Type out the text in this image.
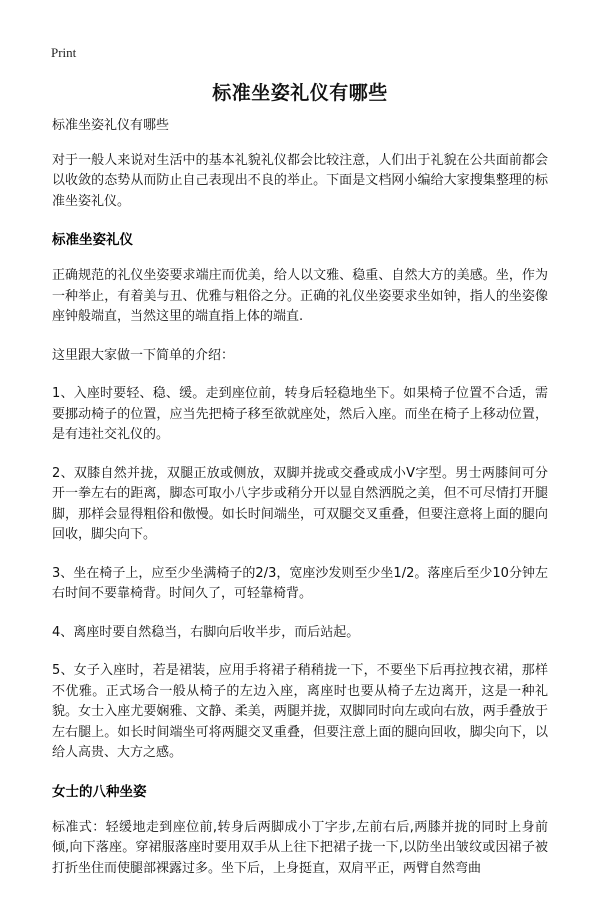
Print
标准坐姿礼仪有哪些

标准坐姿礼仪有哪些

对于一般人来说对生活中的基本礼貌礼仪都会比较注意，人们出于礼貌在公共面前都会以收敛的态势从而防止自己表现出不良的举止。下面是文档网小编给大家搜集整理的标准坐姿礼仪。

标准坐姿礼仪

正确规范的礼仪坐姿要求端庄而优美，给人以文雅、稳重、自然大方的美感。坐，作为一种举止，有着美与丑、优雅与粗俗之分。正确的礼仪坐姿要求坐如钟，指人的坐姿像座钟般端直，当然这里的端直指上体的端直.

这里跟大家做一下简单的介绍：

1、入座时要轻、稳、缓。走到座位前，转身后轻稳地坐下。如果椅子位置不合适，需要挪动椅子的位置，应当先把椅子移至欲就座处，然后入座。而坐在椅子上移动位置，是有违社交礼仪的。

2、双膝自然并拢，双腿正放或侧放，双脚并拢或交叠或成小V字型。男士两膝间可分开一拳左右的距离，脚态可取小八字步或稍分开以显自然洒脱之美，但不可尽情打开腿脚，那样会显得粗俗和傲慢。如长时间端坐，可双腿交叉重叠，但要注意将上面的腿向回收，脚尖向下。

3、坐在椅子上，应至少坐满椅子的2/3，宽座沙发则至少坐1/2。落座后至少10分钟左右时间不要靠椅背。时间久了，可轻靠椅背。

4、离座时要自然稳当，右脚向后收半步，而后站起。

5、女子入座时，若是裙装，应用手将裙子稍稍拢一下，不要坐下后再拉拽衣裙，那样不优雅。正式场合一般从椅子的左边入座，离座时也要从椅子左边离开，这是一种礼貌。女士入座尤要娴雅、文静、柔美，两腿并拢，双脚同时向左或向右放，两手叠放于左右腿上。如长时间端坐可将两腿交叉重叠，但要注意上面的腿向回收，脚尖向下，以给人高贵、大方之感。

女士的八种坐姿

标准式：轻缓地走到座位前,转身后两脚成小丁字步,左前右后,两膝并拢的同时上身前倾,向下落座。穿裙服落座时要用双手从上往下把裙子拢一下,以防坐出皱纹或因裙子被打折坐住而使腿部裸露过多。坐下后，上身挺直，双肩平正，两臂自然弯曲
